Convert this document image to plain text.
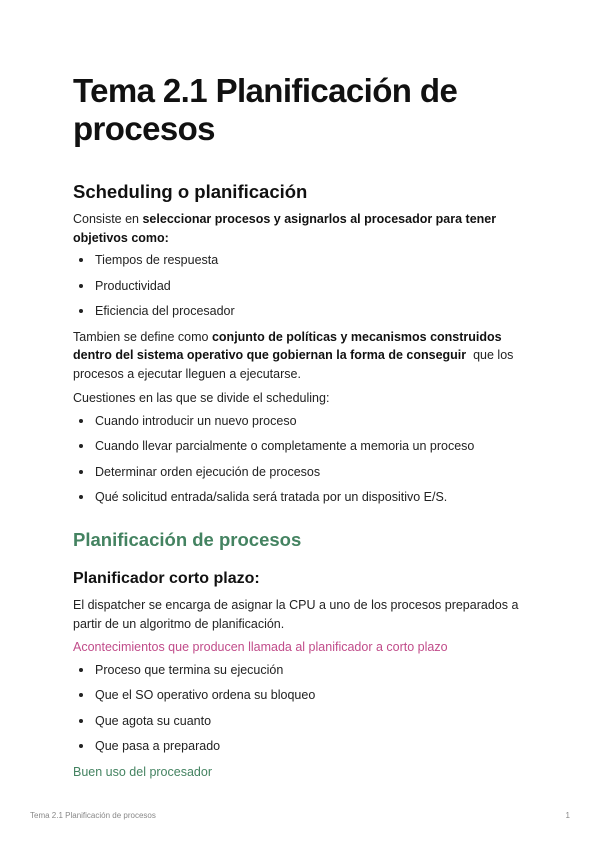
Tema 2.1 Planificación de procesos
Scheduling o planificación

Consiste en seleccionar procesos y asignarlos al procesador para tener objetivos como:

Tiempos de respuesta
Productividad
Eficiencia del procesador

Tambien se define como conjunto de políticas y mecanismos construidos dentro del sistema operativo que gobiernan la forma de conseguir  que los procesos a ejecutar lleguen a ejecutarse.

Cuestiones en las que se divide el scheduling:

Cuando introducir un nuevo proceso
Cuando llevar parcialmente o completamente a memoria un proceso
Determinar orden ejecución de procesos
Qué solicitud entrada/salida será tratada por un dispositivo E/S.
Planificación de procesos
Planificador corto plazo:

El dispatcher se encarga de asignar la CPU a uno de los procesos preparados a partir de un algoritmo de planificación.

Acontecimientos que producen llamada al planificador a corto plazo

Proceso que termina su ejecución
Que el SO operativo ordena su bloqueo
Que agota su cuanto
Que pasa a preparado

Buen uso del procesador

Tema 2.1 Planificación de procesos	1
